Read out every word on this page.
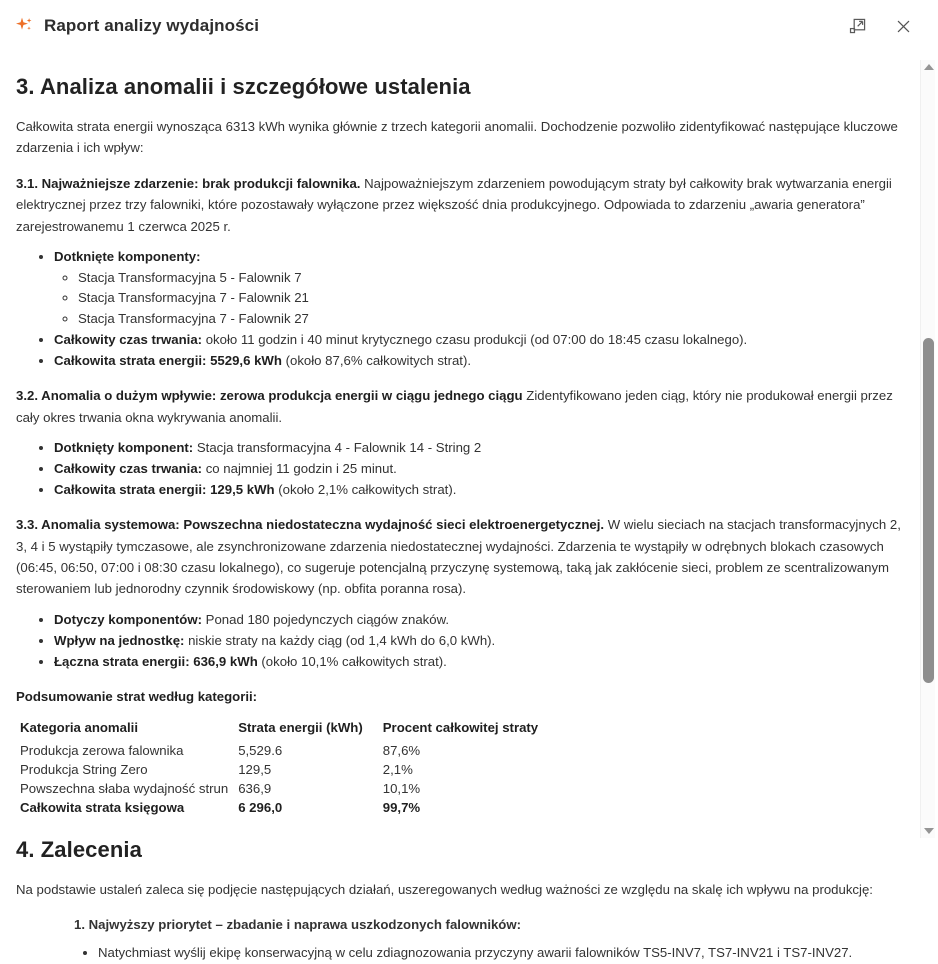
Raport analizy wydajności
3. Analiza anomalii i szczegółowe ustalenia

Całkowita strata energii wynosząca 6313 kWh wynika głównie z trzech kategorii anomalii. Dochodzenie pozwoliło zidentyfikować następujące kluczowe zdarzenia i ich wpływ:

3.1. Najważniejsze zdarzenie: brak produkcji falownika. Najpoważniejszym zdarzeniem powodującym straty był całkowity brak wytwarzania energii elektrycznej przez trzy falowniki, które pozostawały wyłączone przez większość dnia produkcyjnego. Odpowiada to zdarzeniu „awaria generatora” zarejestrowanemu 1 czerwca 2025 r.

• Dotknięte komponenty:
◦ Stacja Transformacyjna 5 - Falownik 7
◦ Stacja Transformacyjna 7 - Falownik 21
◦ Stacja Transformacyjna 7 - Falownik 27
• Całkowity czas trwania: około 11 godzin i 40 minut krytycznego czasu produkcji (od 07:00 do 18:45 czasu lokalnego).
• Całkowita strata energii: 5529,6 kWh (około 87,6% całkowitych strat).

3.2. Anomalia o dużym wpływie: zerowa produkcja energii w ciągu jednego ciągu Zidentyfikowano jeden ciąg, który nie produkował energii przez cały okres trwania okna wykrywania anomalii.

• Dotknięty komponent: Stacja transformacyjna 4 - Falownik 14 - String 2
• Całkowity czas trwania: co najmniej 11 godzin i 25 minut.
• Całkowita strata energii: 129,5 kWh (około 2,1% całkowitych strat).

3.3. Anomalia systemowa: Powszechna niedostateczna wydajność sieci elektroenergetycznej. W wielu sieciach na stacjach transformacyjnych 2, 3, 4 i 5 wystąpiły tymczasowe, ale zsynchronizowane zdarzenia niedostatecznej wydajności. Zdarzenia te wystąpiły w odrębnych blokach czasowych (06:45, 06:50, 07:00 i 08:30 czasu lokalnego), co sugeruje potencjalną przyczynę systemową, taką jak zakłócenie sieci, problem ze scentralizowanym sterowaniem lub jednorodny czynnik środowiskowy (np. obfita poranna rosa).

• Dotyczy komponentów: Ponad 180 pojedynczych ciągów znaków.
• Wpływ na jednostkę: niskie straty na każdy ciąg (od 1,4 kWh do 6,0 kWh).
• Łączna strata energii: 636,9 kWh (około 10,1% całkowitych strat).

Podsumowanie strat według kategorii:

Kategoria anomalii	Strata energii (kWh)	Procent całkowitej straty
Produkcja zerowa falownika	5,529.6	87,6%
Produkcja String Zero	129,5	2,1%
Powszechna słaba wydajność strun	636,9	10,1%
Całkowita strata księgowa	6 296,0	99,7%
4. Zalecenia

Na podstawie ustaleń zaleca się podjęcie następujących działań, uszeregowanych według ważności ze względu na skalę ich wpływu na produkcję:

1. Najwyższy priorytet – zbadanie i naprawa uszkodzonych falowników:
• Natychmiast wyślij ekipę konserwacyjną w celu zdiagnozowania przyczyny awarii falowników TS5-INV7, TS7-INV21 i TS7-INV27.
